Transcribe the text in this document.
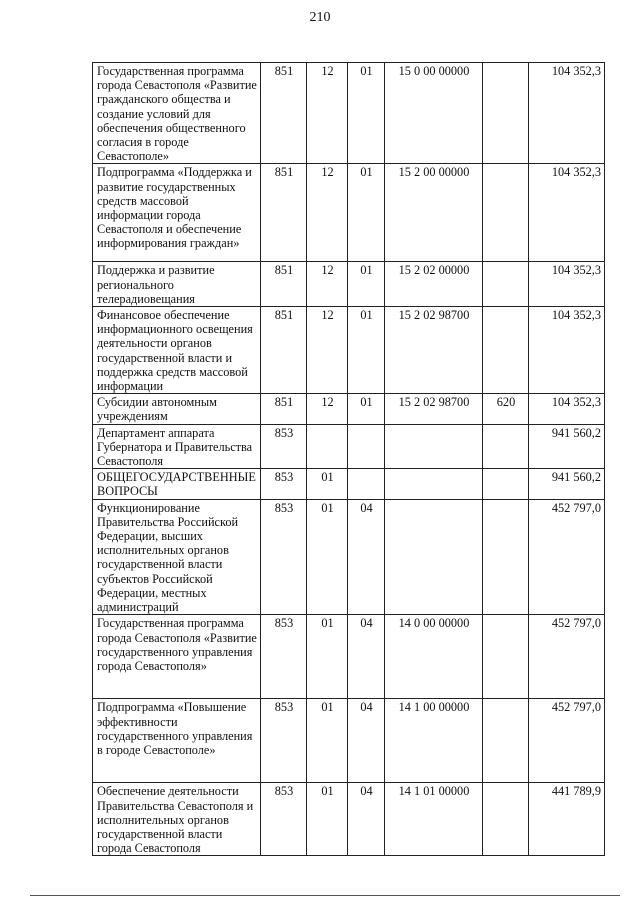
210
Государственная программа города Севастополя «Развитие гражданского общества и создание условий для обеспечения общественного согласия в городе Севастополе»	851	12	01	15 0 00 00000		104 352,3
Подпрограмма «Поддержка и развитие государственных средств массовой информации города Севастополя и обеспечение информирования граждан»	851	12	01	15 2 00 00000		104 352,3
Поддержка и развитие регионального телерадиовещания	851	12	01	15 2 02 00000		104 352,3
Финансовое обеспечение информационного освещения деятельности органов государственной власти и поддержка средств массовой информации	851	12	01	15 2 02 98700		104 352,3
Субсидии автономным учреждениям	851	12	01	15 2 02 98700	620	104 352,3
Департамент аппарата Губернатора и Правительства Севастополя	853					941 560,2
ОБЩЕГОСУДАРСТВЕННЫЕ ВОПРОСЫ	853	01				941 560,2
Функционирование Правительства Российской Федерации, высших исполнительных органов государственной власти субъектов Российской Федерации, местных администраций	853	01	04			452 797,0
Государственная программа города Севастополя «Развитие государственного управления города Севастополя»	853	01	04	14 0 00 00000		452 797,0
Подпрограмма «Повышение эффективности государственного управления в городе Севастополе»	853	01	04	14 1 00 00000		452 797,0
Обеспечение деятельности Правительства Севастополя и исполнительных органов государственной власти города Севастополя	853	01	04	14 1 01 00000		441 789,9
